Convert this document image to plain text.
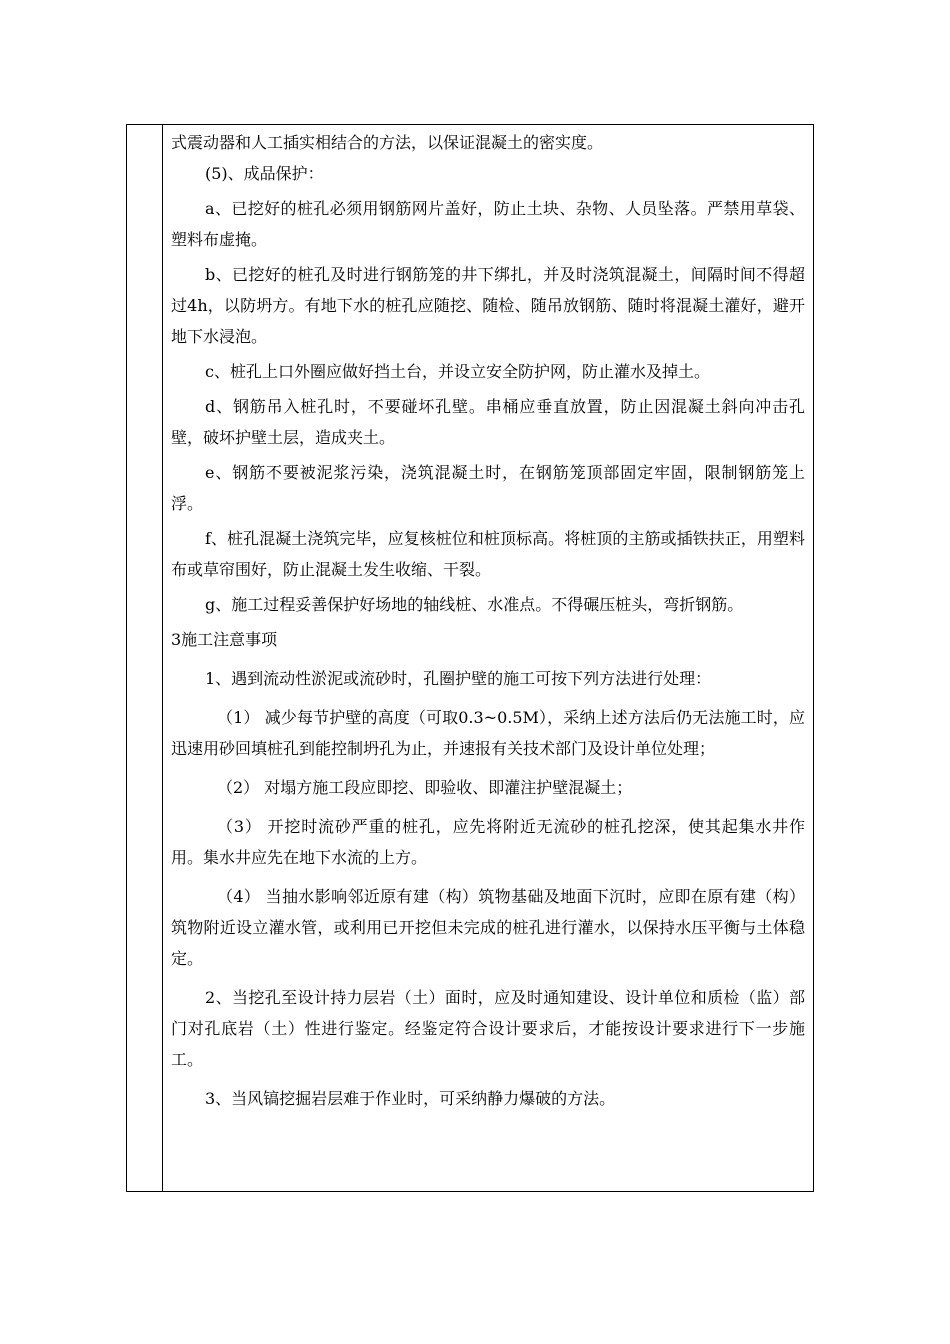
式震动器和人工插实相结合的方法，以保证混凝土的密实度。

(5)、成品保护：

a、已挖好的桩孔必须用钢筋网片盖好，防止土块、杂物、人员坠落。严禁用草袋、塑料布虚掩。

b、已挖好的桩孔及时进行钢筋笼的井下绑扎，并及时浇筑混凝土，间隔时间不得超过4h，以防坍方。有地下水的桩孔应随挖、随检、随吊放钢筋、随时将混凝土灌好，避开地下水浸泡。

c、桩孔上口外圈应做好挡土台，并设立安全防护网，防止灌水及掉土。

d、钢筋吊入桩孔时，不要碰坏孔壁。串桶应垂直放置，防止因混凝土斜向冲击孔壁，破坏护壁土层，造成夹土。

e、钢筋不要被泥浆污染，浇筑混凝土时，在钢筋笼顶部固定牢固，限制钢筋笼上浮。

f、桩孔混凝土浇筑完毕，应复核桩位和桩顶标高。将桩顶的主筋或插铁扶正，用塑料布或草帘围好，防止混凝土发生收缩、干裂。

g、施工过程妥善保护好场地的轴线桩、水准点。不得碾压桩头，弯折钢筋。

3施工注意事项

1、遇到流动性淤泥或流砂时，孔圈护壁的施工可按下列方法进行处理：

（1） 减少每节护壁的高度（可取0.3~0.5M），采纳上述方法后仍无法施工时，应迅速用砂回填桩孔到能控制坍孔为止，并速报有关技术部门及设计单位处理；

（2） 对塌方施工段应即挖、即验收、即灌注护壁混凝土；

（3） 开挖时流砂严重的桩孔，应先将附近无流砂的桩孔挖深，使其起集水井作用。集水井应先在地下水流的上方。

（4） 当抽水影响邻近原有建（构）筑物基础及地面下沉时，应即在原有建（构）筑物附近设立灌水管，或利用已开挖但未完成的桩孔进行灌水，以保持水压平衡与土体稳定。

2、当挖孔至设计持力层岩（土）面时，应及时通知建设、设计单位和质检（监）部门对孔底岩（土）性进行鉴定。经鉴定符合设计要求后，才能按设计要求进行下一步施工。

3、当风镐挖掘岩层难于作业时，可采纳静力爆破的方法。
